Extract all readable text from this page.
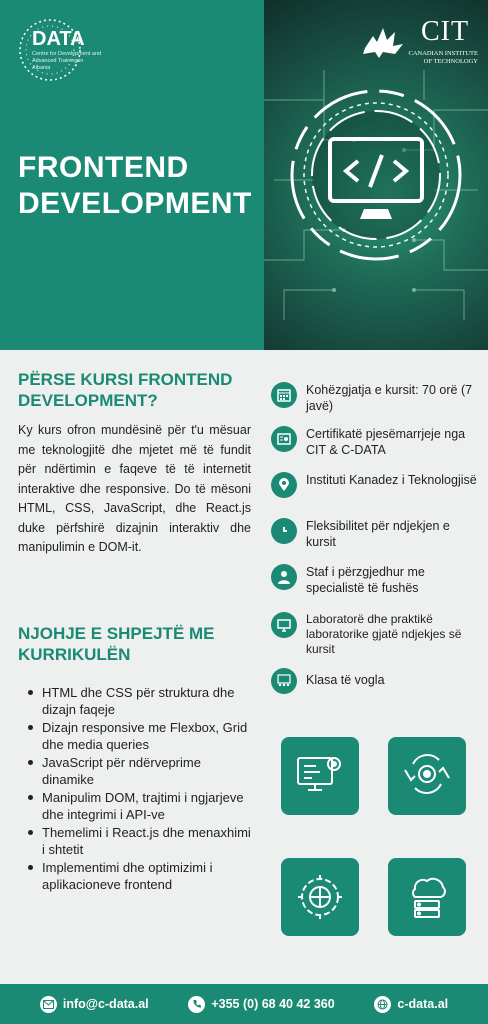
DATA
Centre for Development and Advanced Training in Albania
FRONTEND
DEVELOPMENT
CIT
CANADIAN INSTITUTE OF TECHNOLOGY
PËRSE KURSI FRONTEND DEVELOPMENT?
Ky kurs ofron mundësinë për t'u mësuar me teknologjitë dhe mjetet më të fundit për ndërtimin e faqeve të të internetit interaktive dhe responsive. Do të mësoni HTML, CSS, JavaScript, dhe React.js duke përfshirë dizajnin interaktiv dhe manipulimin e DOM-it.
NJOHJE E SHPEJTË ME KURRIKULËN
HTML dhe CSS për struktura dhe dizajn faqeje
Dizajn responsive me Flexbox, Grid dhe media queries
JavaScript për ndërveprime dinamike
Manipulim DOM, trajtimi i ngjarjeve dhe integrimi i API-ve
Themelimi i React.js dhe menaxhimi i shtetit
Implementimi dhe optimizimi i aplikacioneve frontend
Kohëzgjatja e kursit: 70 orë (7 javë)
Certifikatë pjesëmarrjeje nga CIT & C-DATA
Instituti Kanadez i Teknologjisë
Fleksibilitet për ndjekjen e kursit
Staf i përzgjedhur me specialistë të fushës
Laboratorë dhe praktikë laboratorike gjatë ndjekjes së kursit
Klasa të vogla
info@c-data.al	+355 (0) 68 40 42 360	c-data.al
